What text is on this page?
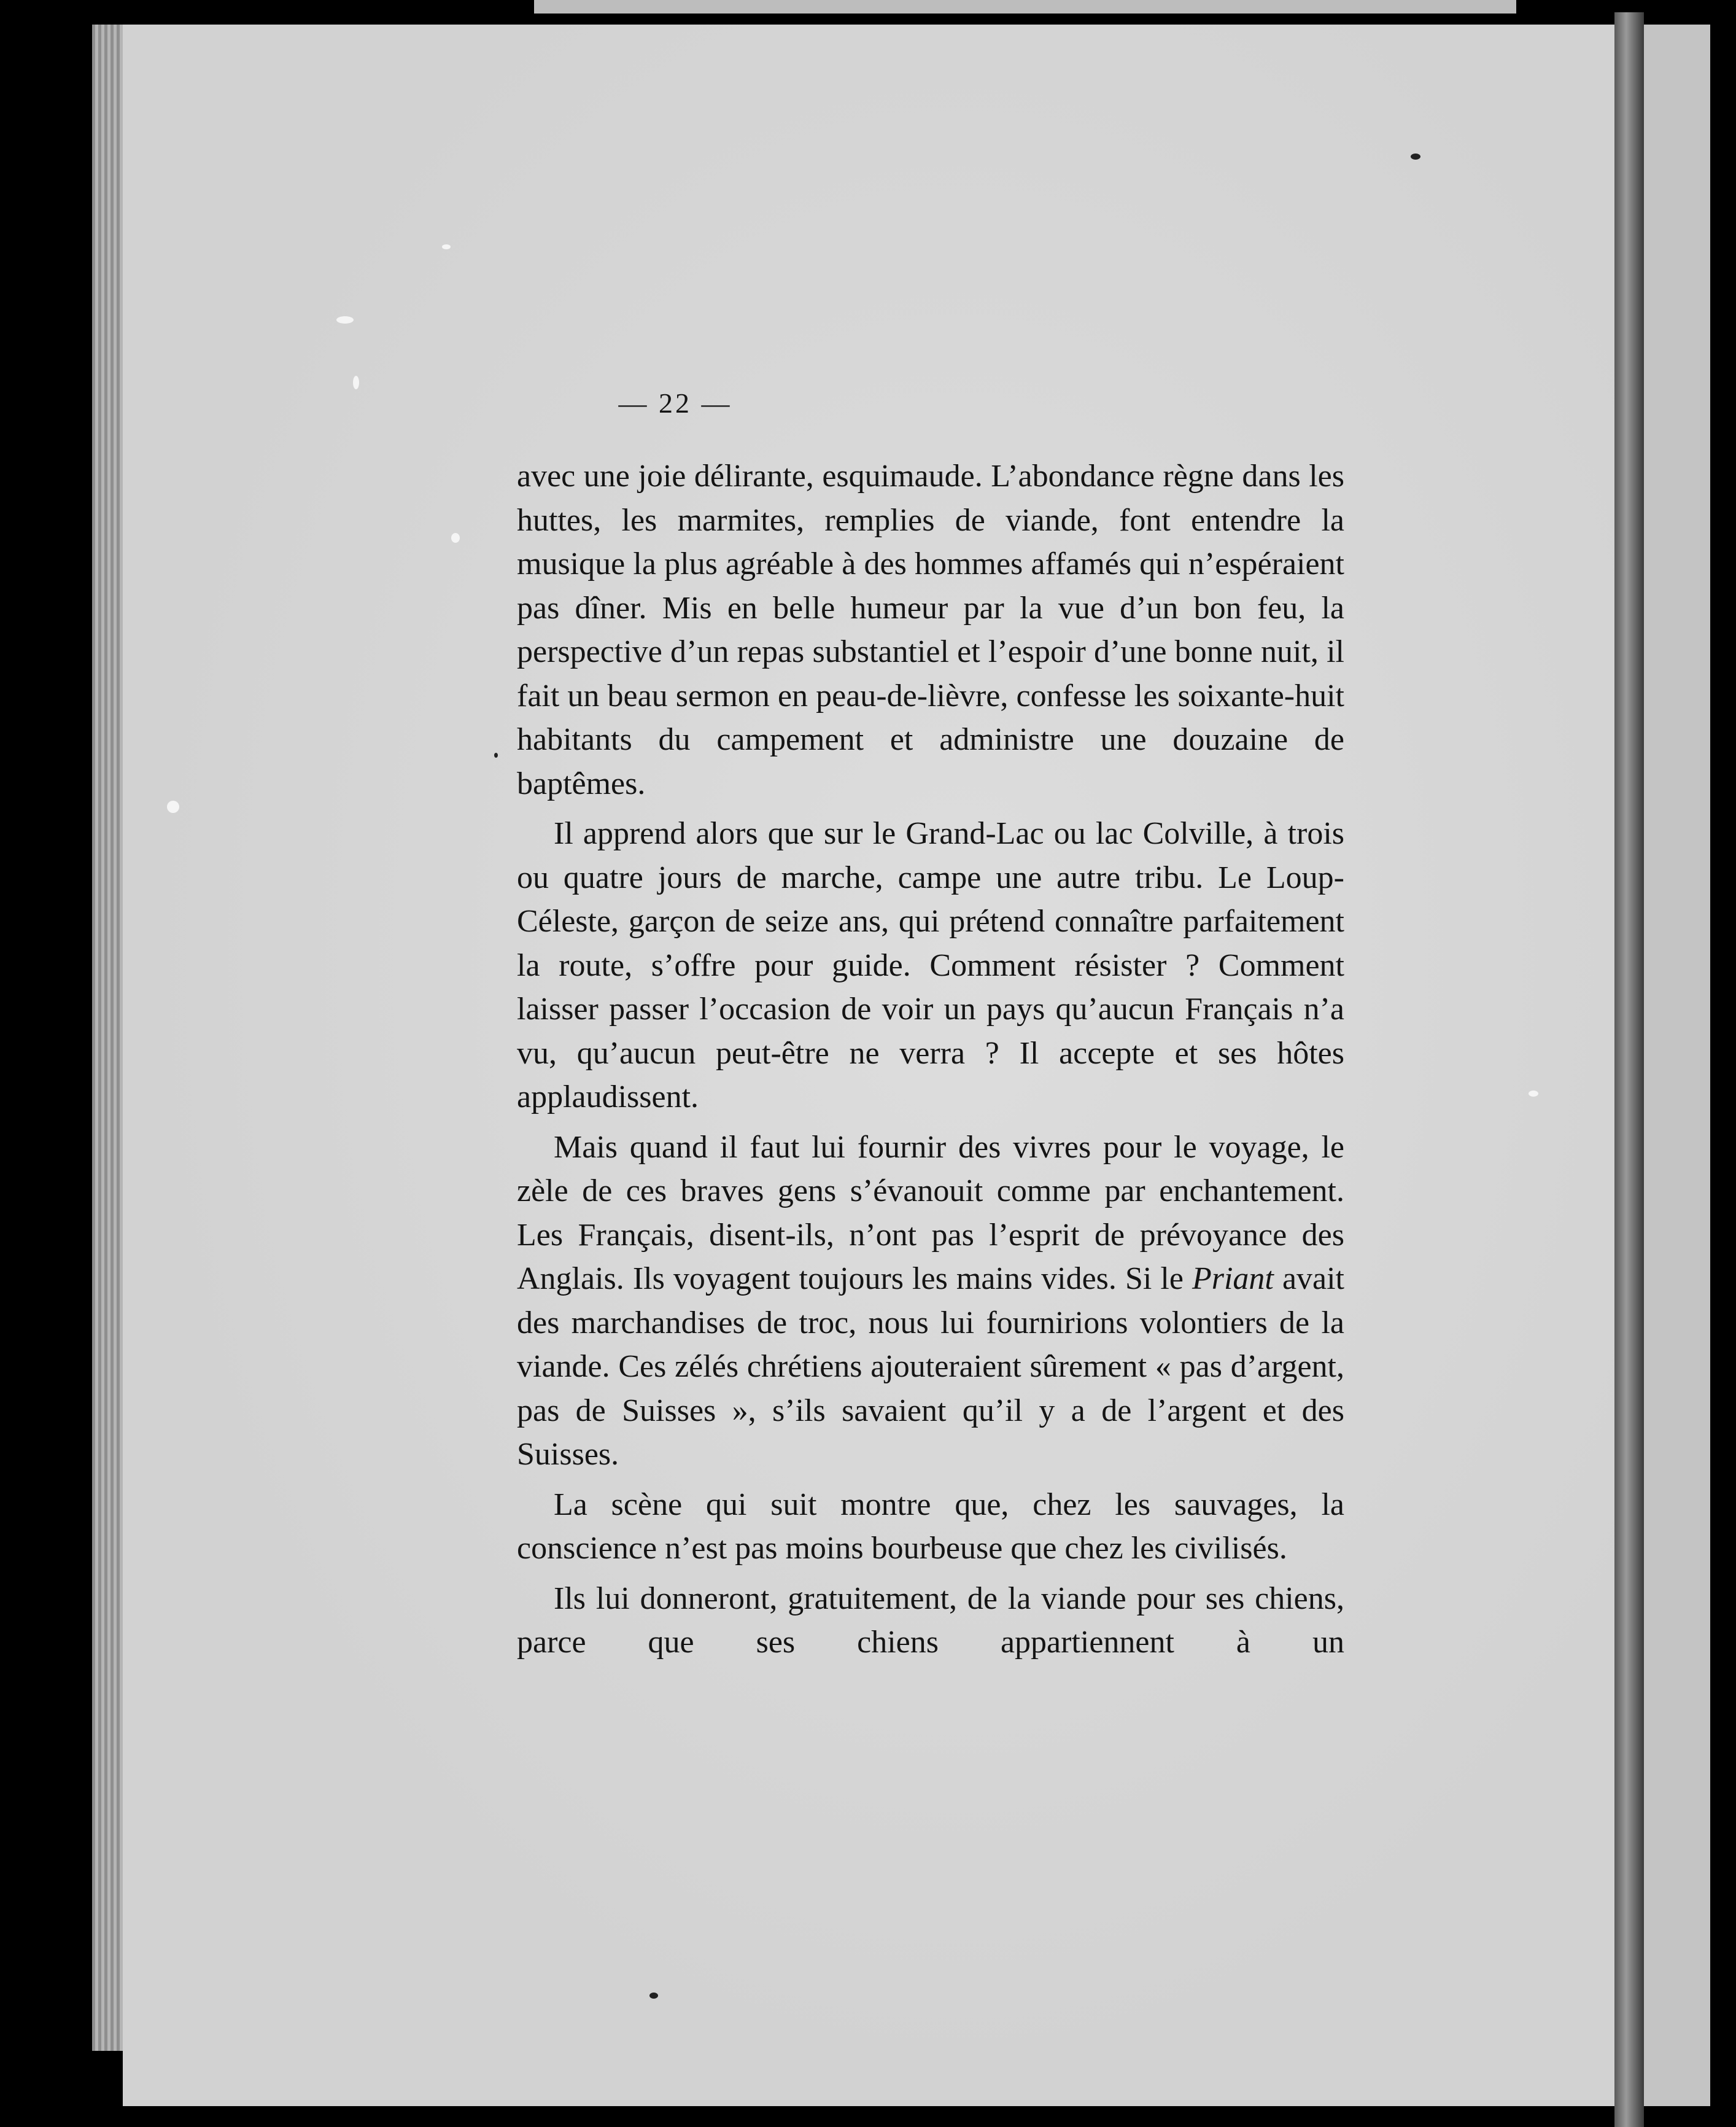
— 22 —

avec une joie délirante, esquimaude. L’abondance règne dans les huttes, les marmites, remplies de viande, font entendre la musique la plus agréable à des hommes affamés qui n’espéraient pas dîner. Mis en belle humeur par la vue d’un bon feu, la perspective d’un repas substantiel et l’espoir d’une bonne nuit, il fait un beau sermon en peau-de-lièvre, confesse les soixante-huit habitants du campement et administre une douzaine de baptêmes.

Il apprend alors que sur le Grand-Lac ou lac Colville, à trois ou quatre jours de marche, campe une autre tribu. Le Loup-Céleste, garçon de seize ans, qui prétend connaître parfaitement la route, s’offre pour guide. Comment résister ? Comment laisser passer l’occasion de voir un pays qu’aucun Français n’a vu, qu’aucun peut-être ne verra ? Il accepte et ses hôtes applaudissent.

Mais quand il faut lui fournir des vivres pour le voyage, le zèle de ces braves gens s’évanouit comme par enchantement. Les Français, disent-ils, n’ont pas l’esprit de prévoyance des Anglais. Ils voyagent toujours les mains vides. Si le Priant avait des marchandises de troc, nous lui fournirions volontiers de la viande. Ces zélés chrétiens ajouteraient sûrement « pas d’argent, pas de Suisses », s’ils savaient qu’il y a de l’argent et des Suisses.

La scène qui suit montre que, chez les sauvages, la conscience n’est pas moins bourbeuse que chez les civilisés.

Ils lui donneront, gratuitement, de la viande pour ses chiens, parce que ses chiens appartiennent à un
